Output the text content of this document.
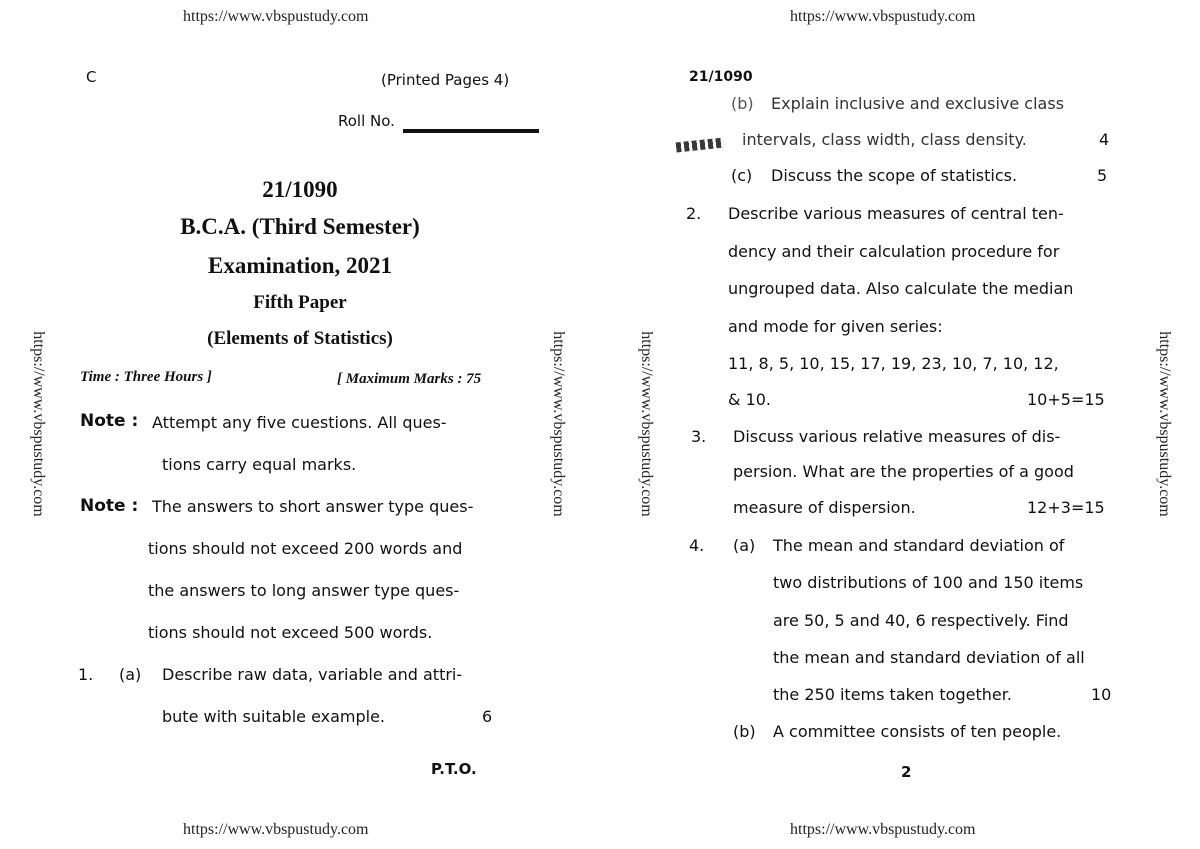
https://www.vbspustudy.com	https://www.vbspustudy.com
https://www.vbspustudy.com	https://www.vbspustudy.com
https://www.vbspustudy.com	https://www.vbspustudy.com	https://www.vbspustudy.com	https://www.vbspustudy.com
C	(Printed Pages 4)
Roll No.
21/1090
B.C.A. (Third Semester)
Examination, 2021
Fifth Paper
(Elements of Statistics)
Time : Three Hours ]	[ Maximum Marks : 75
Note : Attempt any five cuestions. All ques-
tions carry equal marks.
Note : The answers to short answer type ques-
tions should not exceed 200 words and
the answers to long answer type ques-
tions should not exceed 500 words.
1. (a) Describe raw data, variable and attri-
bute with suitable example.	6
P.T.O.
21/1090
(b) Explain inclusive and exclusive class
intervals, class width, class density.	4
(c) Discuss the scope of statistics.	5
2. Describe various measures of central ten-
dency and their calculation procedure for
ungrouped data. Also calculate the median
and mode for given series:
11, 8, 5, 10, 15, 17, 19, 23, 10, 7, 10, 12,
& 10.	10+5=15
3. Discuss various relative measures of dis-
persion. What are the properties of a good
measure of dispersion.	12+3=15
4. (a) The mean and standard deviation of
two distributions of 100 and 150 items
are 50, 5 and 40, 6 respectively. Find
the mean and standard deviation of all
the 250 items taken together.	10
(b) A committee consists of ten people.
2
